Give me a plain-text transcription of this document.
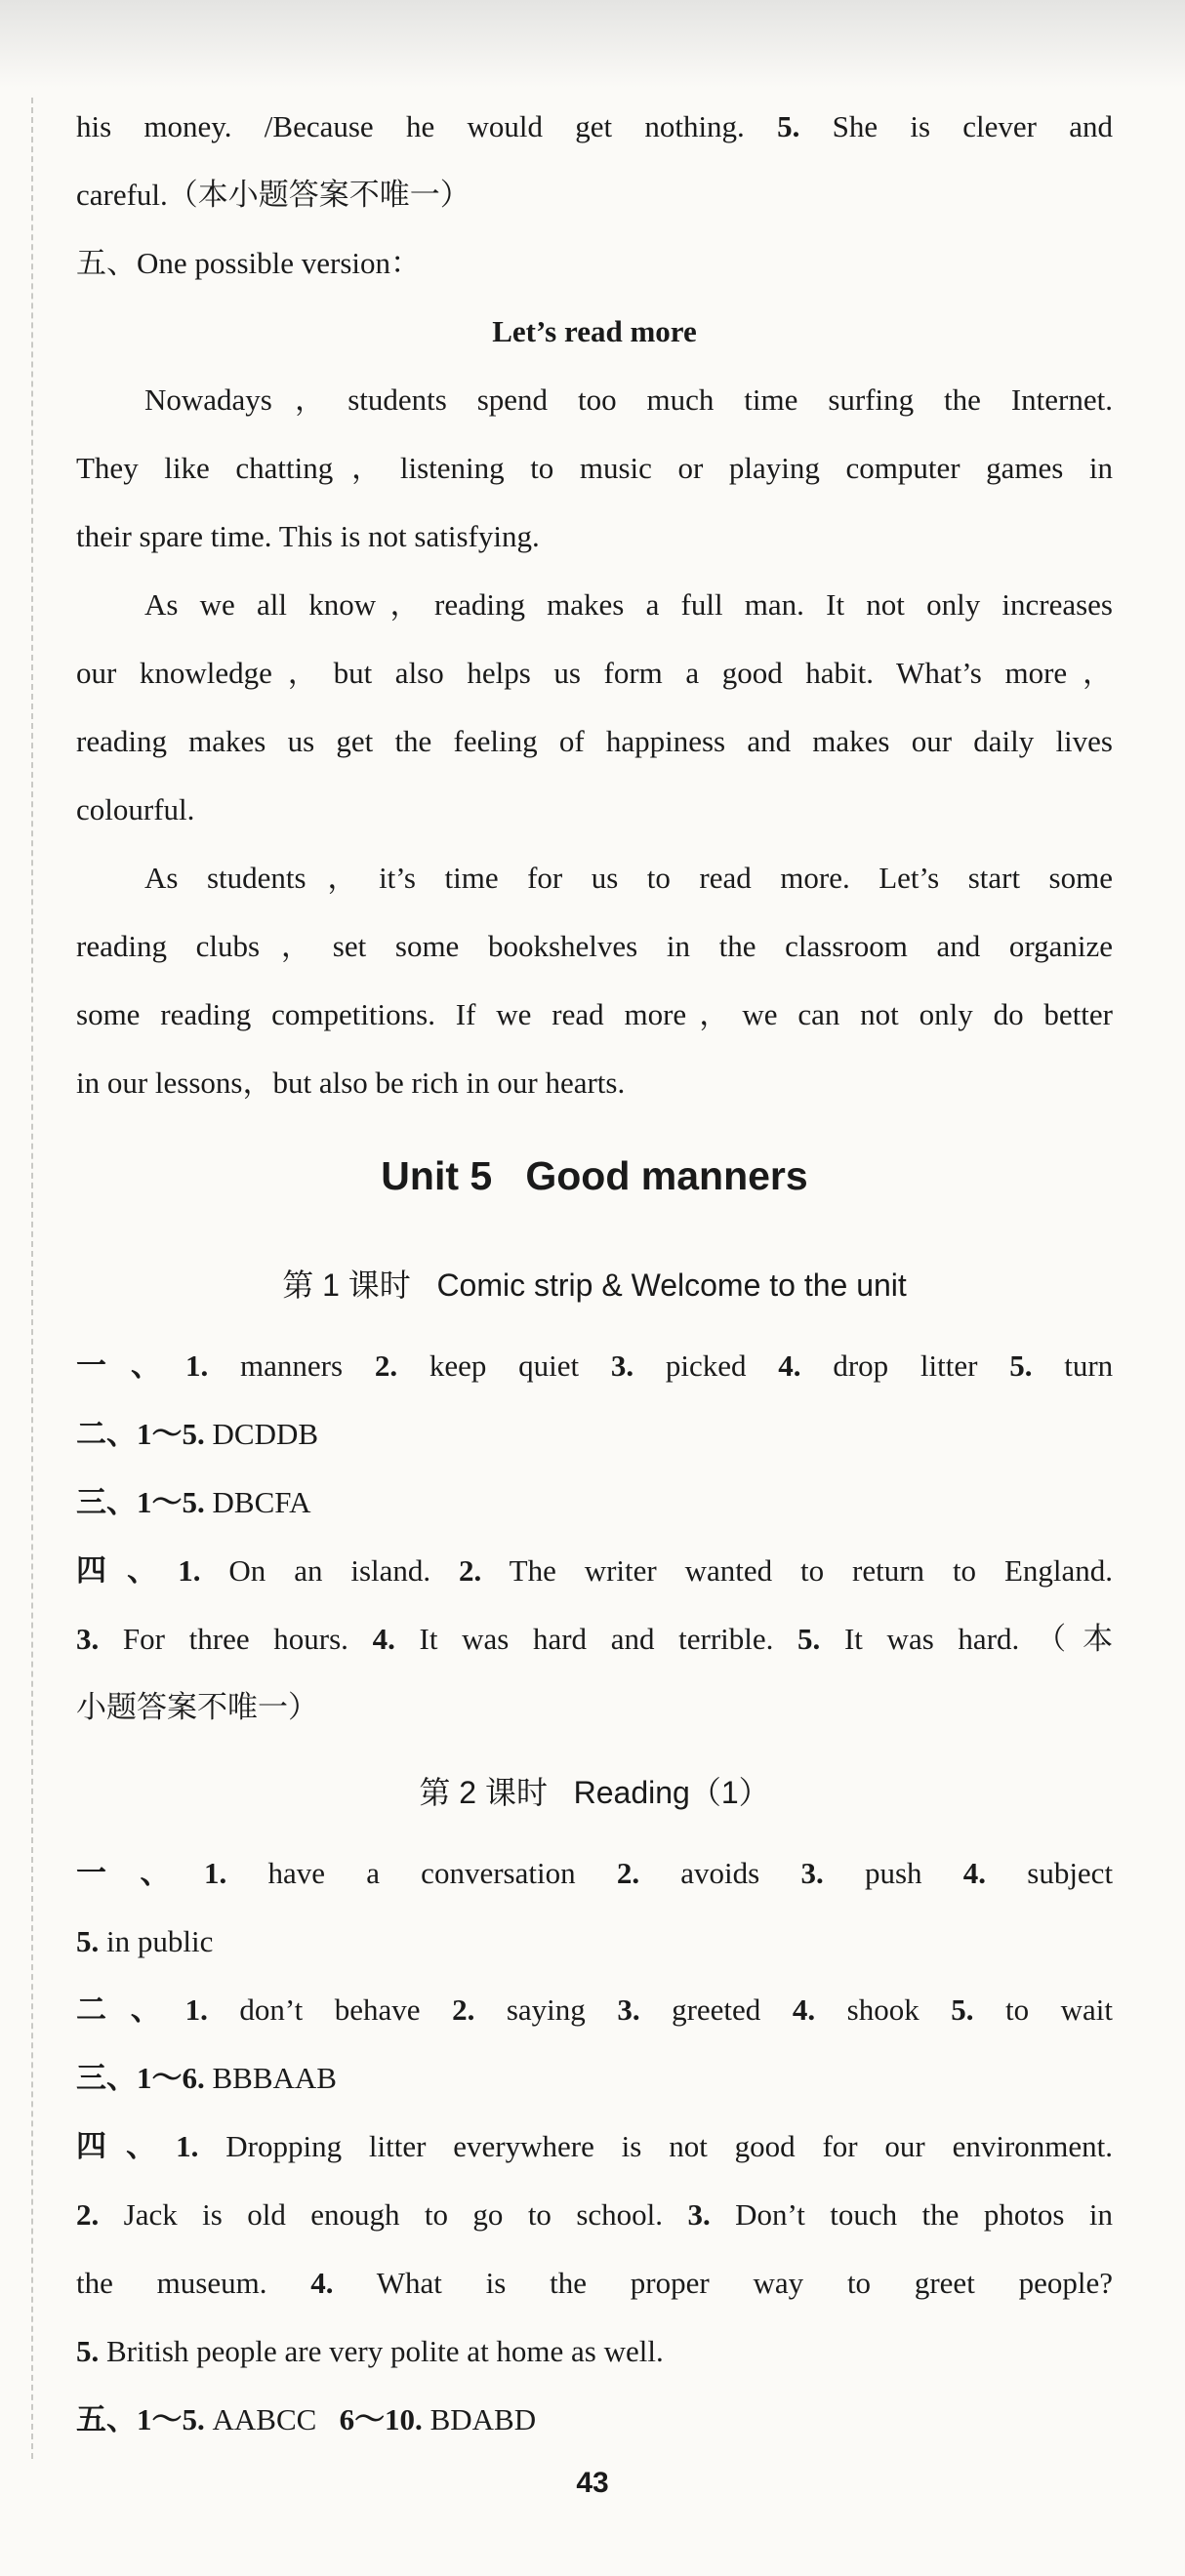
his money. /Because he would get nothing. 5. She is clever and
careful.（本小题答案不唯一）
五、One possible version：
Let’s read more
Nowadays，students spend too much time surfing the Internet.
They like chatting，listening to music or playing computer games in
their spare time. This is not satisfying.
As we all know，reading makes a full man. It not only increases
our knowledge，but also helps us form a good habit. What’s more，
reading makes us get the feeling of happiness and makes our daily lives
colourful.
As students，it’s time for us to read more. Let’s start some
reading clubs，set some bookshelves in the classroom and organize
some reading competitions. If we read more，we can not only do better
in our lessons，but also be rich in our hearts.
Unit 5   Good manners
第 1 课时   Comic strip & Welcome to the unit
一、1. manners 2. keep quiet 3. picked 4. drop litter 5. turn
二、1～5. DCDDB
三、1～5. DBCFA
四、1. On an island. 2. The writer wanted to return to England.
3. For three hours. 4. It was hard and terrible. 5. It was hard.（本
小题答案不唯一）
第 2 课时   Reading（1）
一、1. have a conversation 2. avoids 3. push 4. subject
5. in public
二、1. don’t behave 2. saying 3. greeted 4. shook 5. to wait
三、1～6. BBBAAB
四、1. Dropping litter everywhere is not good for our environment.
2. Jack is old enough to go to school. 3. Don’t touch the photos in
the museum. 4. What is the proper way to greet people?
5. British people are very polite at home as well.
五、1～5. AABCC 6～10. BDABD
43
